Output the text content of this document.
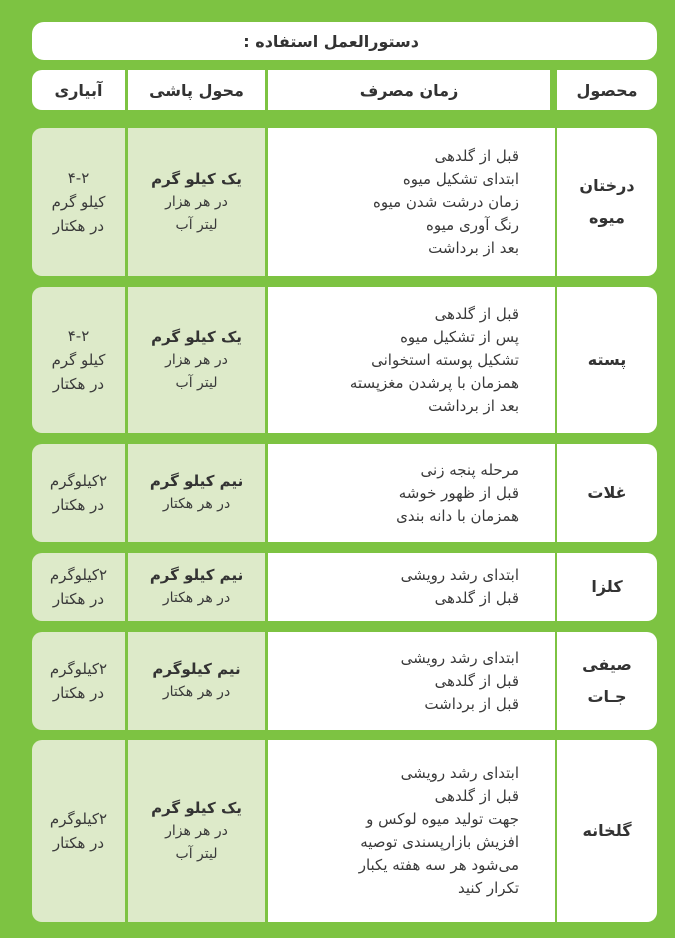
دستورالعمل استفاده :
محصول
زمان مصرف
محول پاشی
آبیاری
درختان
میوه
قبل از گلدهی
ابتدای تشکیل میوه
زمان درشت شدن میوه
رنگ آوری میوه
بعد از برداشت
یک کیلو گرم
در هر هزار
لیتر آب
۴-۲
کیلو گرم
در هکتار
پسته
قبل از گلدهی
پس از تشکیل میوه
تشکیل پوسته استخوانی
همزمان با پرشدن مغزپسته
بعد از برداشت
یک کیلو گرم
در هر هزار
لیتر آب
۴-۲
کیلو گرم
در هکتار
غلات
مرحله پنجه زنی
قبل از ظهور خوشه
همزمان با دانه بندی
نیم کیلو گرم
در هر هکتار
۲کیلوگرم
در هکتار
کلزا
ابتدای رشد رویشی
قبل از گلدهی
نیم کیلو گرم
در هر هکتار
۲کیلوگرم
در هکتار
صیفی
جـات
ابتدای رشد رویشی
قبل از گلدهی
قبل از برداشت
نیم کیلوگرم
در هر هکتار
۲کیلوگرم
در هکتار
گلخانه
ابتدای رشد رویشی
قبل از گلدهی
جهت تولید میوه لوکس و
افزیش بازارپسندی توصیه
می‌شود هر سه هفته یکبار
تکرار کنید
یک کیلو گرم
در هر هزار
لیتر آب
۲کیلوگرم
در هکتار
